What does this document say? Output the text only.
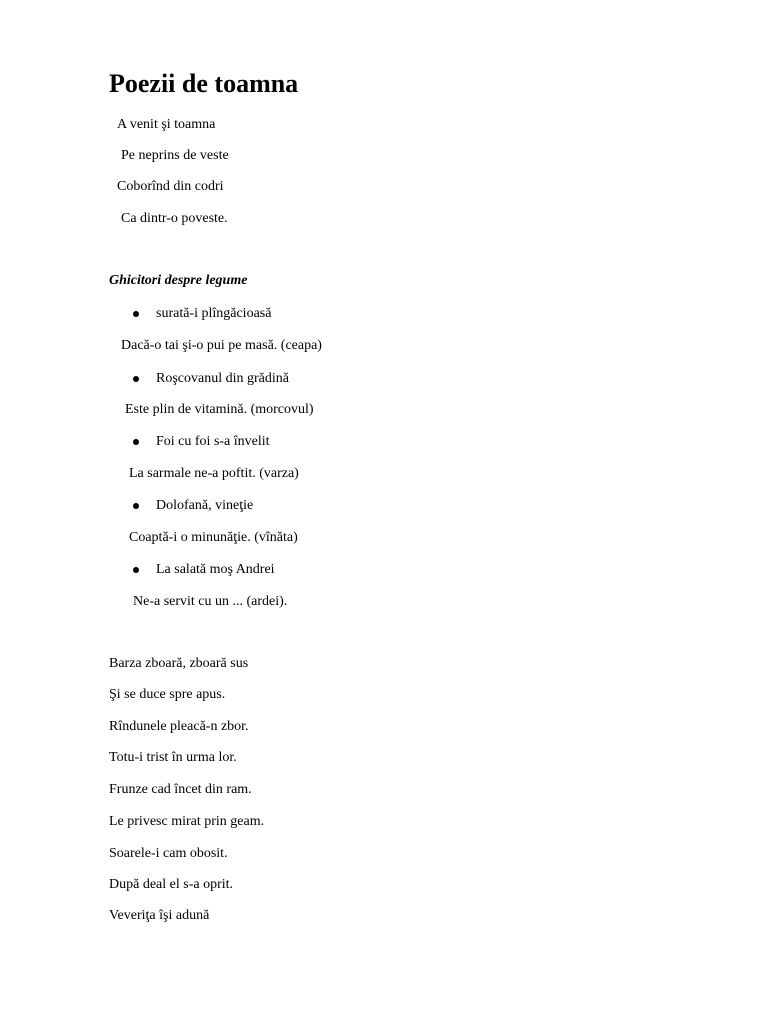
Poezii de toamna
A venit şi toamna
Pe neprins de veste
Coborînd din codri
Ca dintr-o poveste.
Ghicitori despre legume
surată-i plîngăcioasă
Dacă-o tai şi-o pui pe masă. (ceapa)
Roşcovanul din grădină
Este plin de vitamină. (morcovul)
Foi cu foi s-a învelit
La sarmale ne-a poftit. (varza)
Dolofană, vineţie
Coaptă-i o minunăţie. (vînăta)
La salată moş Andrei
Ne-a servit cu un ... (ardei).
Barza zboară, zboară sus
Şi se duce spre apus.
Rîndunele pleacă-n zbor.
Totu-i trist în urma lor.
Frunze cad încet din ram.
Le privesc mirat prin geam.
Soarele-i cam obosit.
După deal el s-a oprit.
Veveriţa îşi adună
